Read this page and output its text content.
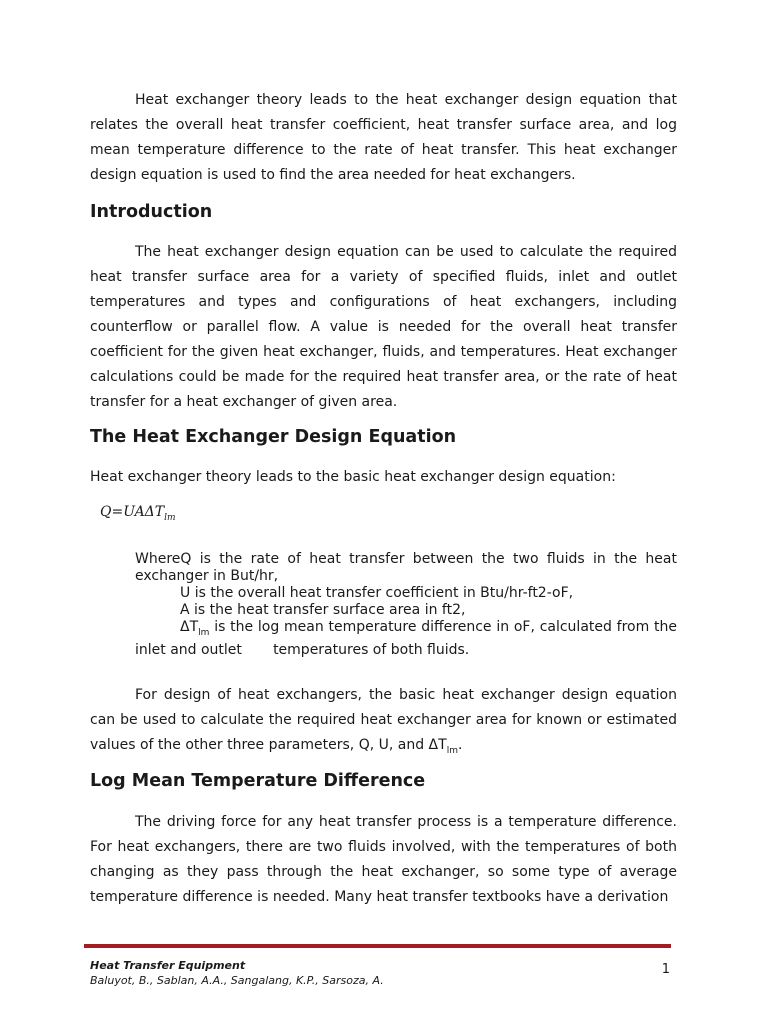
Heat exchanger theory leads to the heat exchanger design equation that relates the overall heat transfer coefficient, heat transfer surface area, and log mean temperature difference to the rate of heat transfer. This heat exchanger design equation is used to find the area needed for heat exchangers.

Introduction

The heat exchanger design equation can be used to calculate the required heat transfer surface area for a variety of specified fluids, inlet and outlet temperatures and types and configurations of heat exchangers, including counterflow or parallel flow. A value is needed for the overall heat transfer coefficient for the given heat exchanger, fluids, and temperatures. Heat exchanger calculations could be made for the required heat transfer area, or the rate of heat transfer for a heat exchanger of given area.

The Heat Exchanger Design Equation

Heat exchanger theory leads to the basic heat exchanger design equation:

$Q=UA\Delta T_{lm}$

WhereQ is the rate of heat transfer between the two fluids in the heat exchanger in But/hr,

U is the overall heat transfer coefficient in Btu/hr-ft2-oF,

A is the heat transfer surface area in ft2,

$\Delta T_{lm}$ is the log mean temperature difference in oF, calculated from the inlet and outlet       temperatures of both fluids.

For design of heat exchangers, the basic heat exchanger design equation can be used to calculate the required heat exchanger area for known or estimated values of the other three parameters, Q, U, and $\Delta T_{lm}$.

Log Mean Temperature Difference

The driving force for any heat transfer process is a temperature difference. For heat exchangers, there are two fluids involved, with the temperatures of both changing as they pass through the heat exchanger, so some type of average temperature difference is needed. Many heat transfer textbooks have a derivation

Heat Transfer Equipment
Baluyot, B., Sablan, A.A., Sangalang, K.P., Sarsoza, A.
1
